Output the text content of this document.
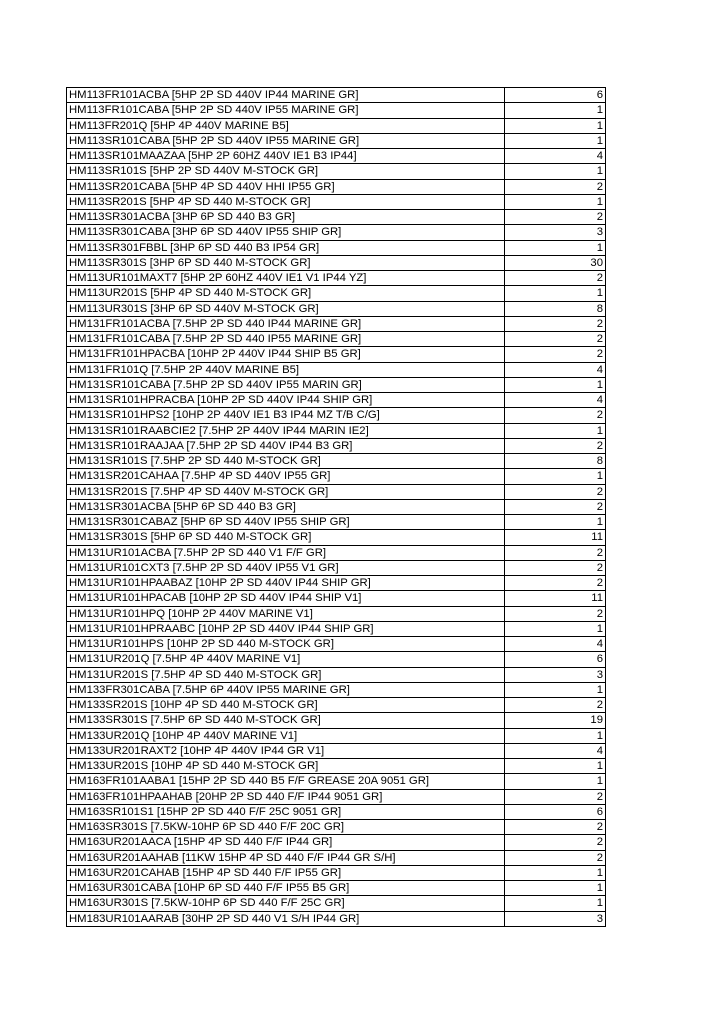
HM113FR101ACBA [5HP 2P SD 440V IP44 MARINE GR]	6
HM113FR101CABA [5HP 2P SD 440V IP55 MARINE GR]	1
HM113FR201Q [5HP 4P 440V MARINE B5]	1
HM113SR101CABA [5HP 2P SD 440V IP55 MARINE GR]	1
HM113SR101MAAZAA [5HP 2P 60HZ 440V IE1 B3 IP44]	4
HM113SR101S [5HP 2P SD 440V M-STOCK GR]	1
HM113SR201CABA [5HP 4P SD 440V HHI IP55 GR]	2
HM113SR201S [5HP 4P SD 440 M-STOCK GR]	1
HM113SR301ACBA [3HP 6P SD 440 B3 GR]	2
HM113SR301CABA [3HP 6P SD 440V IP55 SHIP GR]	3
HM113SR301FBBL [3HP 6P SD 440 B3 IP54 GR]	1
HM113SR301S [3HP 6P SD 440 M-STOCK GR]	30
HM113UR101MAXT7 [5HP 2P 60HZ 440V IE1 V1 IP44 YZ]	2
HM113UR201S [5HP 4P SD 440 M-STOCK GR]	1
HM113UR301S [3HP 6P SD 440V M-STOCK GR]	8
HM131FR101ACBA [7.5HP 2P SD 440 IP44 MARINE GR]	2
HM131FR101CABA [7.5HP 2P SD 440 IP55 MARINE GR]	2
HM131FR101HPACBA [10HP 2P 440V IP44 SHIP B5 GR]	2
HM131FR101Q [7.5HP 2P 440V MARINE B5]	4
HM131SR101CABA [7.5HP 2P SD 440V IP55 MARIN GR]	1
HM131SR101HPRACBA [10HP 2P SD 440V IP44 SHIP GR]	4
HM131SR101HPS2 [10HP 2P 440V IE1 B3 IP44 MZ T/B C/G]	2
HM131SR101RAABCIE2 [7.5HP 2P 440V IP44 MARIN IE2]	1
HM131SR101RAAJAA [7.5HP 2P SD 440V IP44 B3 GR]	2
HM131SR101S [7.5HP 2P SD 440 M-STOCK GR]	8
HM131SR201CAHAA [7.5HP 4P SD 440V IP55 GR]	1
HM131SR201S [7.5HP 4P SD 440V M-STOCK GR]	2
HM131SR301ACBA [5HP 6P SD 440 B3 GR]	2
HM131SR301CABAZ [5HP 6P SD 440V IP55 SHIP GR]	1
HM131SR301S [5HP 6P SD 440 M-STOCK GR]	11
HM131UR101ACBA [7.5HP 2P SD 440 V1 F/F GR]	2
HM131UR101CXT3 [7.5HP 2P SD 440V IP55 V1 GR]	2
HM131UR101HPAABAZ [10HP 2P SD 440V IP44 SHIP GR]	2
HM131UR101HPACAB [10HP 2P SD 440V IP44 SHIP V1]	11
HM131UR101HPQ [10HP 2P 440V MARINE V1]	2
HM131UR101HPRAABC [10HP 2P SD 440V IP44 SHIP GR]	1
HM131UR101HPS [10HP 2P SD 440 M-STOCK GR]	4
HM131UR201Q [7.5HP 4P 440V MARINE V1]	6
HM131UR201S [7.5HP 4P SD 440 M-STOCK GR]	3
HM133FR301CABA [7.5HP 6P 440V IP55 MARINE GR]	1
HM133SR201S [10HP 4P SD 440 M-STOCK GR]	2
HM133SR301S [7.5HP 6P SD 440 M-STOCK GR]	19
HM133UR201Q [10HP 4P 440V MARINE V1]	1
HM133UR201RAXT2 [10HP 4P 440V IP44 GR V1]	4
HM133UR201S [10HP 4P SD 440 M-STOCK GR]	1
HM163FR101AABA1 [15HP 2P SD 440 B5 F/F GREASE 20A 9051 GR]	1
HM163FR101HPAAHAB [20HP 2P SD 440 F/F IP44 9051 GR]	2
HM163SR101S1 [15HP 2P SD 440 F/F 25C 9051 GR]	6
HM163SR301S [7.5KW-10HP 6P SD 440 F/F 20C GR]	2
HM163UR201AACA [15HP 4P SD 440 F/F IP44 GR]	2
HM163UR201AAHAB [11KW 15HP 4P SD 440 F/F IP44 GR S/H]	2
HM163UR201CAHAB [15HP 4P SD 440 F/F IP55 GR]	1
HM163UR301CABA [10HP 6P SD 440 F/F IP55 B5 GR]	1
HM163UR301S [7.5KW-10HP 6P SD 440 F/F 25C GR]	1
HM183UR101AARAB [30HP 2P SD 440 V1 S/H IP44 GR]	3
